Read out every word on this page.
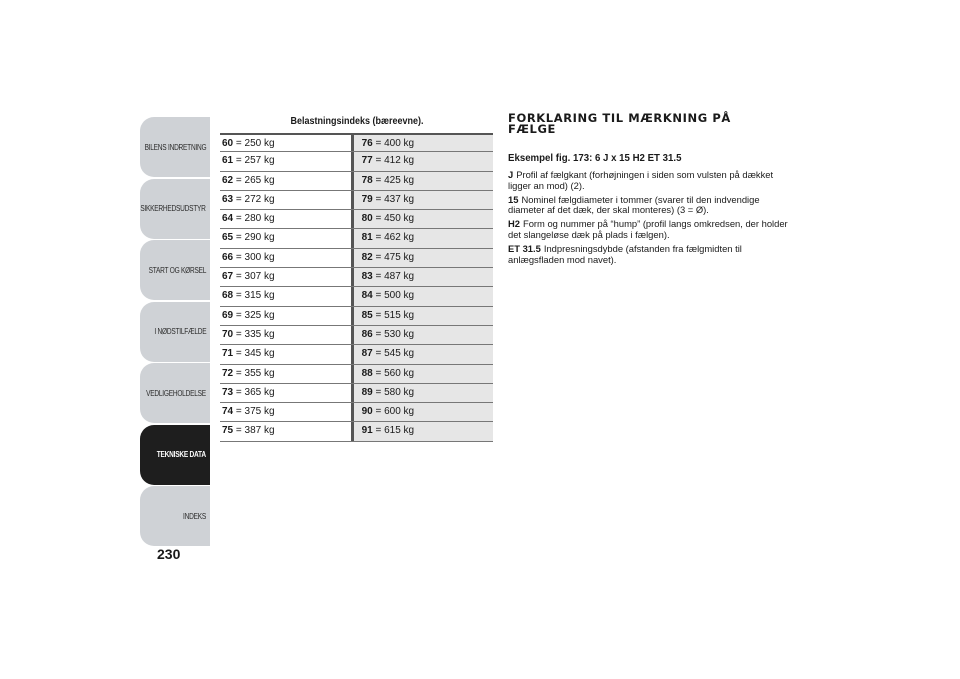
BILENS INDRETNING
SIKKERHEDSUDSTYR
START OG KØRSEL
I NØDSTILFÆLDE
VEDLIGEHOLDELSE
TEKNISKE DATA
INDEKS
230
Belastningsindeks (bæreevne).
60 = 250 kg	76 = 400 kg
61 = 257 kg	77 = 412 kg
62 = 265 kg	78 = 425 kg
63 = 272 kg	79 = 437 kg
64 = 280 kg	80 = 450 kg
65 = 290 kg	81 = 462 kg
66 = 300 kg	82 = 475 kg
67 = 307 kg	83 = 487 kg
68 = 315 kg	84 = 500 kg
69 = 325 kg	85 = 515 kg
70 = 335 kg	86 = 530 kg
71 = 345 kg	87 = 545 kg
72 = 355 kg	88 = 560 kg
73 = 365 kg	89 = 580 kg
74 = 375 kg	90 = 600 kg
75 = 387 kg	91 = 615 kg
FORKLARING TIL MÆRKNING PÅ FÆLGE
Eksempel fig. 173: 6 J x 15 H2 ET 31.5
J Profil af fælgkant (forhøjningen i siden som vulsten på dækket ligger an mod) (2).
15 Nominel fælgdiameter i tommer (svarer til den indvendige diameter af det dæk, der skal monteres) (3 = Ø).
H2 Form og nummer på “hump” (profil langs omkredsen, der holder det slangeløse dæk på plads i fælgen).
ET 31.5 Indpresningsdybde (afstanden fra fælgmidten til anlægsfladen mod navet).
